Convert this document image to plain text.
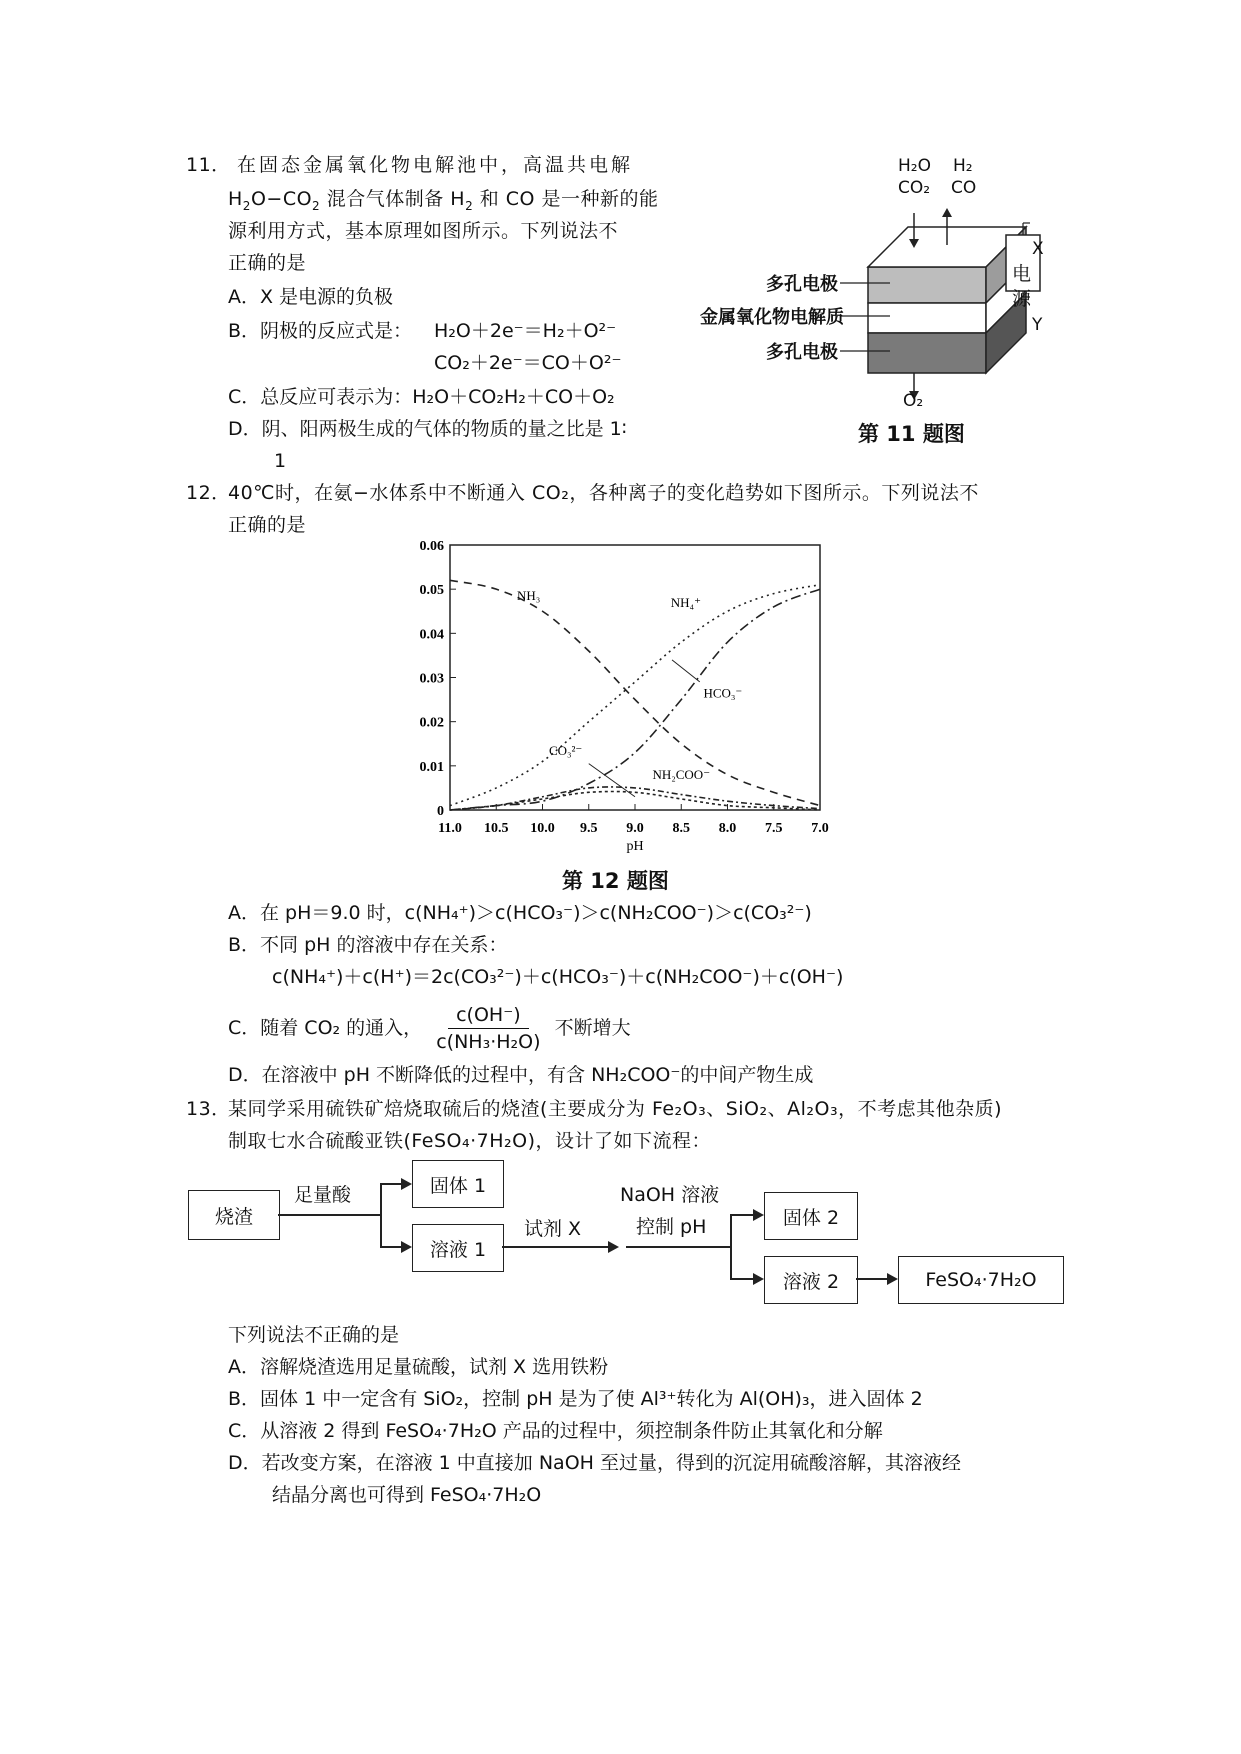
11． 在固态金属氧化物电解池中，高温共电解
$H_2O-CO_2$ 混合气体制备 $H_2$ 和 CO 是一种新的能
源利用方式，基本原理如图所示。下列说法不
正确的是
A．X 是电源的负极
B．阴极的反应式是： H₂O＋2e⁻＝H₂＋O²⁻
CO₂＋2e⁻＝CO＋O²⁻
C．总反应可表示为：H₂O＋CO₂H₂＋CO＋O₂
D．阴、阳两极生成的气体的物质的量之比是 1∶
1
H₂O
CO₂
H₂
CO
多孔电极
金属氧化物电解质
多孔电极
电
源
X
Y
O₂
第 11 题图
12．
40℃时，在氨−水体系中不断通入 CO₂，各种离子的变化趋势如下图所示。下列说法不
正确的是
0
0.01
0.02
0.03
0.04
0.05
0.06
11.0 10.5 10.0 9.5 9.0 8.5 8.0 7.5 7.0
pH
NH₃	NH₄⁺
HCO₃⁻
CO₃²⁻
NH₂COO⁻
第 12 题图
A．在 pH＝9.0 时，c(NH₄⁺)＞c(HCO₃⁻)＞c(NH₂COO⁻)＞c(CO₃²⁻)
B．不同 pH 的溶液中存在关系：
c(NH₄⁺)＋c(H⁺)＝2c(CO₃²⁻)＋c(HCO₃⁻)＋c(NH₂COO⁻)＋c(OH⁻)
C．随着 CO₂ 的通入， $\frac{c(OH^-)}{\text{c(NH₃·H₂O)}}$ 不断增大
D．在溶液中 pH 不断降低的过程中，有含 NH₂COO⁻的中间产物生成
13．
某同学采用硫铁矿焙烧取硫后的烧渣(主要成分为 Fe₂O₃、SiO₂、Al₂O₃，不考虑其他杂质)
制取七水合硫酸亚铁(FeSO₄·7H₂O)，设计了如下流程：
烧渣
固体 1
溶液 1
固体 2
溶液 2	FeSO₄·7H₂O
足量酸
试剂 X
NaOH 溶液
控制 pH
下列说法不正确的是
A．溶解烧渣选用足量硫酸，试剂 X 选用铁粉
B．固体 1 中一定含有 SiO₂，控制 pH 是为了使 Al³⁺转化为 Al(OH)₃，进入固体 2
C．从溶液 2 得到 FeSO₄·7H₂O 产品的过程中，须控制条件防止其氧化和分解
D．若改变方案，在溶液 1 中直接加 NaOH 至过量，得到的沉淀用硫酸溶解，其溶液经
结晶分离也可得到 FeSO₄·7H₂O
